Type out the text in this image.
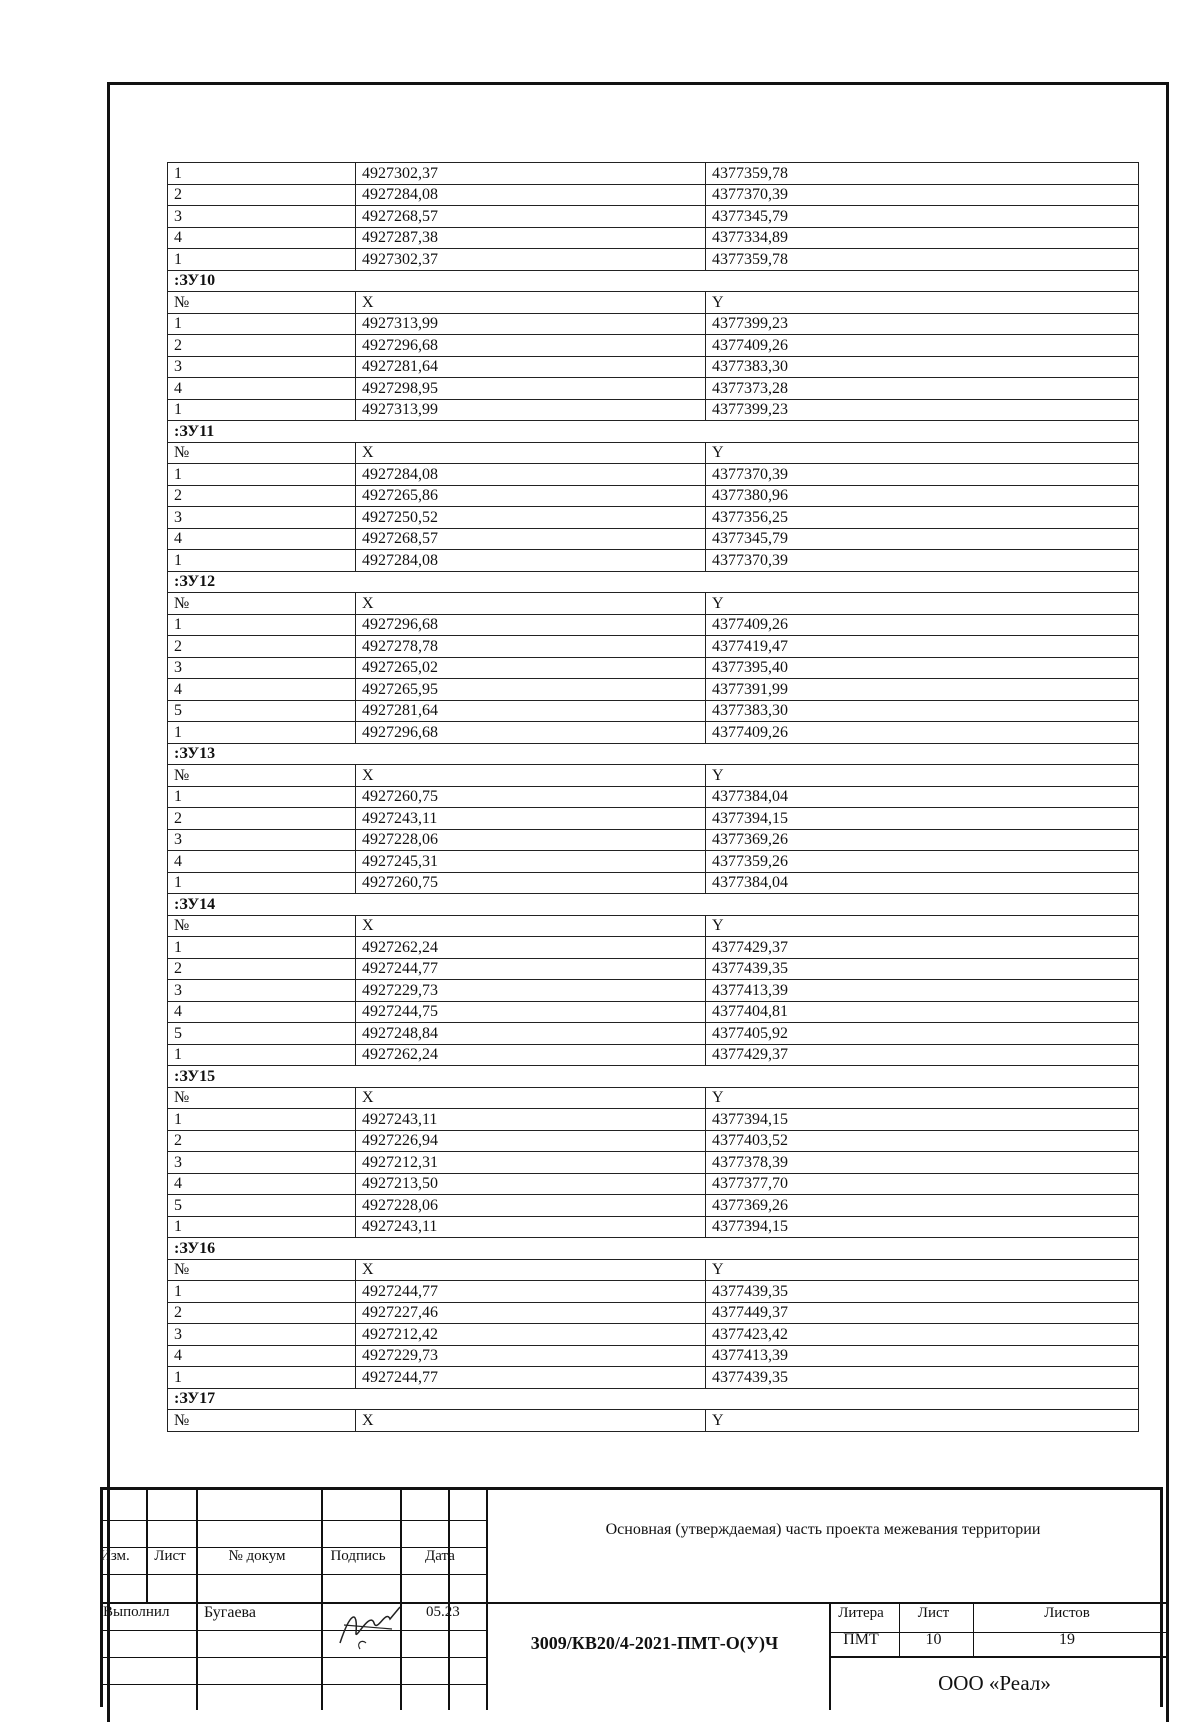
1	4927302,37	4377359,78
2	4927284,08	4377370,39
3	4927268,57	4377345,79
4	4927287,38	4377334,89
1	4927302,37	4377359,78
:ЗУ10		
№	X	Y
1	4927313,99	4377399,23
2	4927296,68	4377409,26
3	4927281,64	4377383,30
4	4927298,95	4377373,28
1	4927313,99	4377399,23
:ЗУ11		
№	X	Y
1	4927284,08	4377370,39
2	4927265,86	4377380,96
3	4927250,52	4377356,25
4	4927268,57	4377345,79
1	4927284,08	4377370,39
:ЗУ12		
№	X	Y
1	4927296,68	4377409,26
2	4927278,78	4377419,47
3	4927265,02	4377395,40
4	4927265,95	4377391,99
5	4927281,64	4377383,30
1	4927296,68	4377409,26
:ЗУ13		
№	X	Y
1	4927260,75	4377384,04
2	4927243,11	4377394,15
3	4927228,06	4377369,26
4	4927245,31	4377359,26
1	4927260,75	4377384,04
:ЗУ14		
№	X	Y
1	4927262,24	4377429,37
2	4927244,77	4377439,35
3	4927229,73	4377413,39
4	4927244,75	4377404,81
5	4927248,84	4377405,92
1	4927262,24	4377429,37
:ЗУ15		
№	X	Y
1	4927243,11	4377394,15
2	4927226,94	4377403,52
3	4927212,31	4377378,39
4	4927213,50	4377377,70
5	4927228,06	4377369,26
1	4927243,11	4377394,15
:ЗУ16		
№	X	Y
1	4927244,77	4377439,35
2	4927227,46	4377449,37
3	4927212,42	4377423,42
4	4927229,73	4377413,39
1	4927244,77	4377439,35
:ЗУ17		
№	X	Y
Изм.	Лист	№ докум	Подпись	Дата
Выполнил Бугаева	05.23
Основная (утверждаемая) часть проекта межевания территории
3009/КВ20/4-2021-ПМТ-О(У)Ч
Литера	Лист	Листов
ПМТ	10	19
ООО «Реал»
